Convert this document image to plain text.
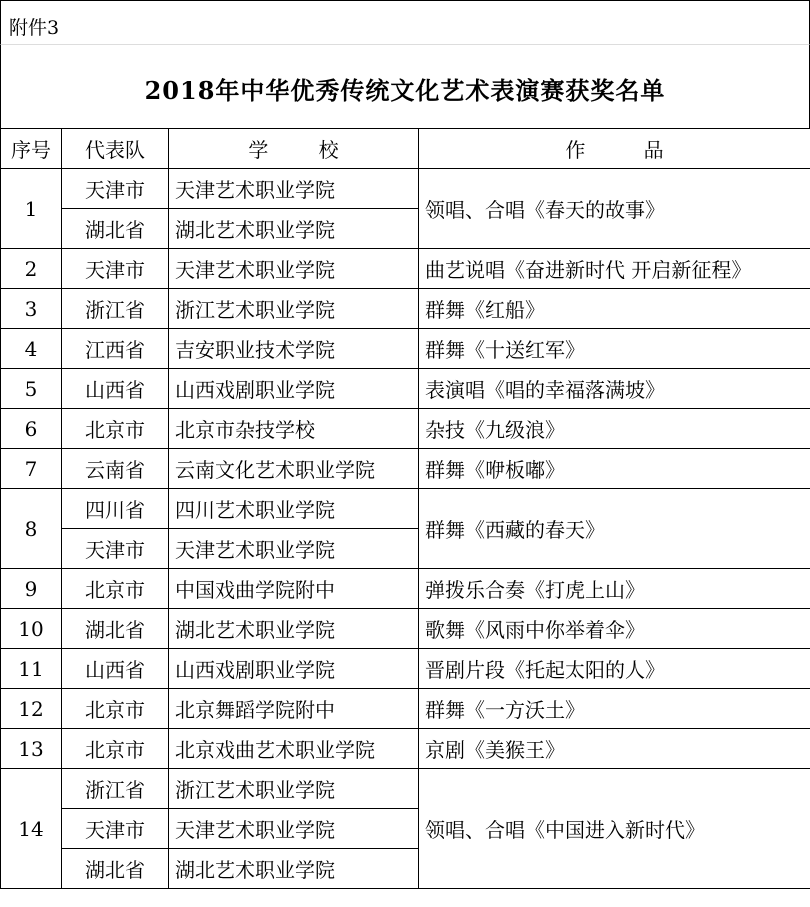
附件3
2018年中华优秀传统文化艺术表演赛获奖名单
序号	代表队	学 校	作 品
1	天津市	天津艺术职业学院	领唱、合唱《春天的故事》
	湖北省	湖北艺术职业学院	
2	天津市	天津艺术职业学院	曲艺说唱《奋进新时代 开启新征程》
3	浙江省	浙江艺术职业学院	群舞《红船》
4	江西省	吉安职业技术学院	群舞《十送红军》
5	山西省	山西戏剧职业学院	表演唱《唱的幸福落满坡》
6	北京市	北京市杂技学校	杂技《九级浪》
7	云南省	云南文化艺术职业学院	群舞《咿板嘟》
8	四川省	四川艺术职业学院	群舞《西藏的春天》
	天津市	天津艺术职业学院	
9	北京市	中国戏曲学院附中	弹拨乐合奏《打虎上山》
10	湖北省	湖北艺术职业学院	歌舞《风雨中你举着伞》
11	山西省	山西戏剧职业学院	晋剧片段《托起太阳的人》
12	北京市	北京舞蹈学院附中	群舞《一方沃土》
13	北京市	北京戏曲艺术职业学院	京剧《美猴王》
14	浙江省	浙江艺术职业学院	领唱、合唱《中国进入新时代》
	天津市	天津艺术职业学院	
	湖北省	湖北艺术职业学院	
